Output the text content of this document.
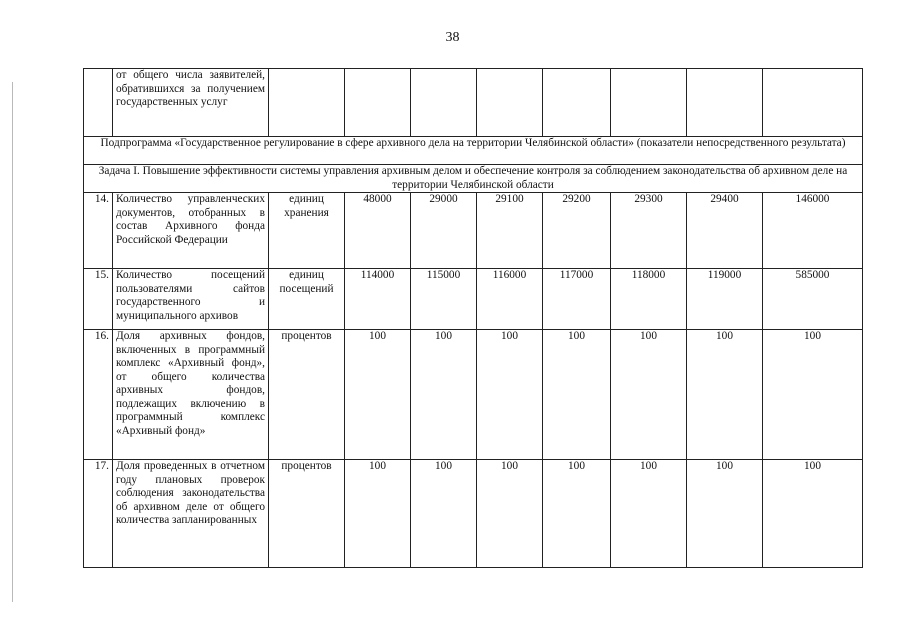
38
	от общего числа заявителей, обратившихся за получением государственных услуг								
Подпрограмма «Государственное регулирование в сфере архивного дела на территории Челябинской области» (показатели непосредственного результата)									
Задача I. Повышение эффективности системы управления архивным делом и обеспечение контроля за соблюдением законодательства об архивном деле на территории Челябинской области									
14.	Количество управленческих документов, отобранных в состав Архивного фонда Российской Федерации	единиц хранения	48000	29000	29100	29200	29300	29400	146000
15.	Количество посещений пользователями сайтов государственного и муниципального архивов	единиц посещений	114000	115000	116000	117000	118000	119000	585000
16.	Доля архивных фондов, включенных в программный комплекс «Архивный фонд», от общего количества архивных фондов, подлежащих включению в программный комплекс «Архивный фонд»	процентов	100	100	100	100	100	100	100
17.	Доля проведенных в отчетном году плановых проверок соблюдения законодательства об архивном деле от общего количества запланированных	процентов	100	100	100	100	100	100	100
